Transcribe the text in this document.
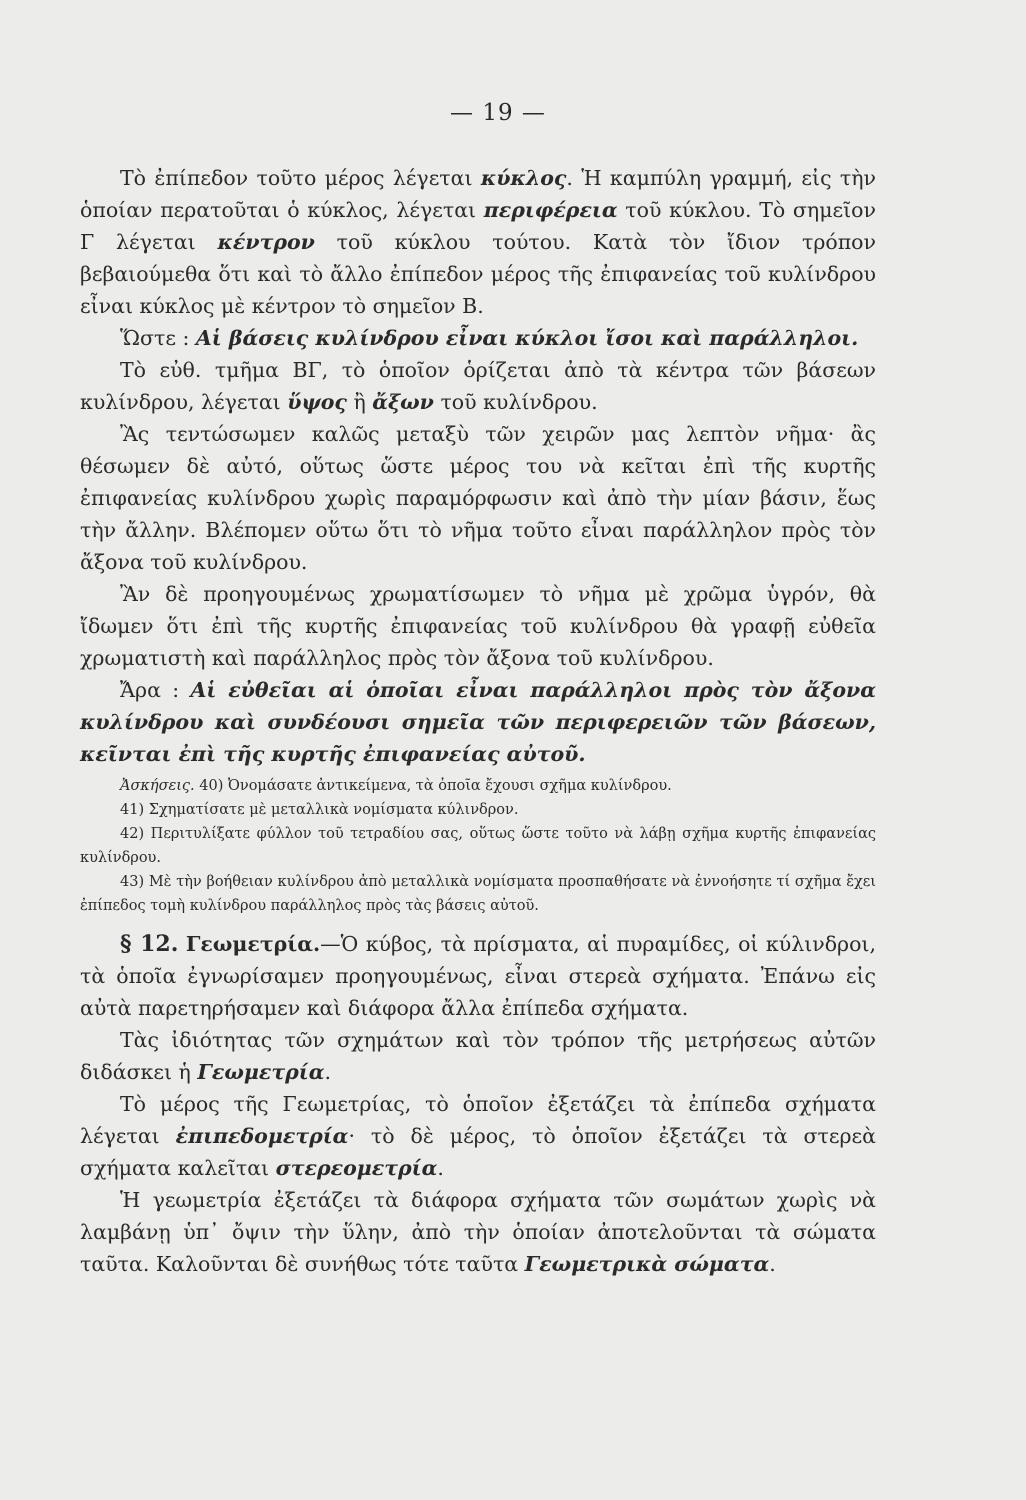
— 19 —

Τὸ ἐπίπεδον τοῦτο μέρος λέγεται κύκλος. Ἡ καμπύλη γραμμή, εἰς τὴν ὁποίαν περατοῦται ὁ κύκλος, λέγεται περιφέρεια τοῦ κύκλου. Τὸ σημεῖον Γ λέγεται κέντρον τοῦ κύκλου τούτου. Κατὰ τὸν ἴδιον τρόπον βεβαιούμεθα ὅτι καὶ τὸ ἄλλο ἐπίπεδον μέρος τῆς ἐπιφανείας τοῦ κυλίνδρου εἶναι κύκλος μὲ κέντρον τὸ σημεῖον Β.

Ὥστε : Αἱ βάσεις κυλίνδρου εἶναι κύκλοι ἴσοι καὶ παράλληλοι.

Τὸ εὐθ. τμῆμα ΒΓ, τὸ ὁποῖον ὁρίζεται ἀπὸ τὰ κέντρα τῶν βάσεων κυλίνδρου, λέγεται ὕψος ἢ ἄξων τοῦ κυλίνδρου.

Ἂς τεντώσωμεν καλῶς μεταξὺ τῶν χειρῶν μας λεπτὸν νῆμα· ἂς θέσωμεν δὲ αὐτό, οὕτως ὥστε μέρος του νὰ κεῖται ἐπὶ τῆς κυρτῆς ἐπιφανείας κυλίνδρου χωρὶς παραμόρφωσιν καὶ ἀπὸ τὴν μίαν βάσιν, ἕως τὴν ἄλλην. Βλέπομεν οὕτω ὅτι τὸ νῆμα τοῦτο εἶναι παράλληλον πρὸς τὸν ἄξονα τοῦ κυλίνδρου.

Ἂν δὲ προηγουμένως χρωματίσωμεν τὸ νῆμα μὲ χρῶμα ὑγρόν, θὰ ἴδωμεν ὅτι ἐπὶ τῆς κυρτῆς ἐπιφανείας τοῦ κυλίνδρου θὰ γραφῇ εὐθεῖα χρωματιστὴ καὶ παράλληλος πρὸς τὸν ἄξονα τοῦ κυλίνδρου.

Ἄρα : Αἱ εὐθεῖαι αἱ ὁποῖαι εἶναι παράλληλοι πρὸς τὸν ἄξονα κυλίνδρου καὶ συνδέουσι σημεῖα τῶν περιφερειῶν τῶν βάσεων, κεῖνται ἐπὶ τῆς κυρτῆς ἐπιφανείας αὐτοῦ.

Ἀσκήσεις. 40) Ὀνομάσατε ἀντικείμενα, τὰ ὁποῖα ἔχουσι σχῆμα κυλίνδρου.

41) Σχηματίσατε μὲ μεταλλικὰ νομίσματα κύλινδρον.

42) Περιτυλίξατε φύλλον τοῦ τετραδίου σας, οὕτως ὥστε τοῦτο νὰ λάβῃ σχῆμα κυρτῆς ἐπιφανείας κυλίνδρου.

43) Μὲ τὴν βοήθειαν κυλίνδρου ἀπὸ μεταλλικὰ νομίσματα προσπαθήσατε νὰ ἐννοήσητε τί σχῆμα ἔχει ἐπίπεδος τομὴ κυλίνδρου παράλληλος πρὸς τὰς βάσεις αὐτοῦ.

§ 12. Γεωμετρία.—Ὁ κύβος, τὰ πρίσματα, αἱ πυραμίδες, οἱ κύλινδροι, τὰ ὁποῖα ἐγνωρίσαμεν προηγουμένως, εἶναι στερεὰ σχήματα. Ἐπάνω εἰς αὐτὰ παρετηρήσαμεν καὶ διάφορα ἄλλα ἐπίπεδα σχήματα.

Τὰς ἰδιότητας τῶν σχημάτων καὶ τὸν τρόπον τῆς μετρήσεως αὐτῶν διδάσκει ἡ Γεωμετρία.

Τὸ μέρος τῆς Γεωμετρίας, τὸ ὁποῖον ἐξετάζει τὰ ἐπίπεδα σχήματα λέγεται ἐπιπεδομετρία· τὸ δὲ μέρος, τὸ ὁποῖον ἐξετάζει τὰ στερεὰ σχήματα καλεῖται στερεομετρία.

Ἡ γεωμετρία ἐξετάζει τὰ διάφορα σχήματα τῶν σωμάτων χωρὶς νὰ λαμβάνῃ ὑπ᾿ ὄψιν τὴν ὕλην, ἀπὸ τὴν ὁποίαν ἀποτελοῦνται τὰ σώματα ταῦτα. Καλοῦνται δὲ συνήθως τότε ταῦτα Γεωμετρικὰ σώματα.
